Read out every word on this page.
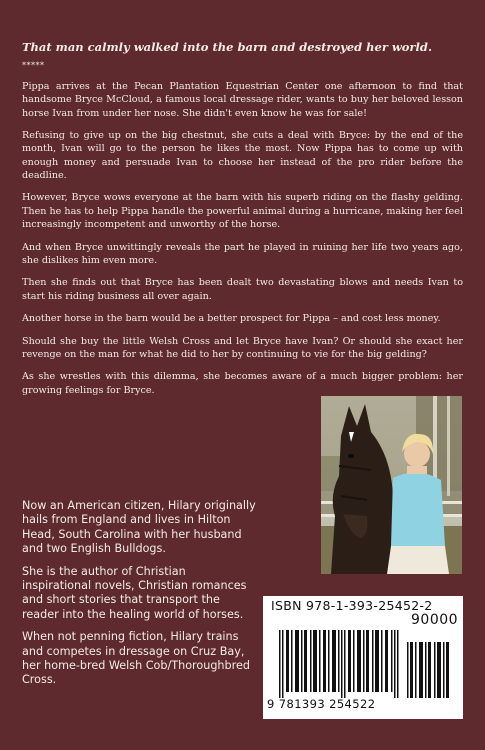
That man calmly walked into the barn and destroyed her world.

*****

Pippa arrives at the Pecan Plantation Equestrian Center one afternoon to find that handsome Bryce McCloud, a famous local dressage rider, wants to buy her beloved lesson horse Ivan from under her nose. She didn't even know he was for sale!

Refusing to give up on the big chestnut, she cuts a deal with Bryce: by the end of the month, Ivan will go to the person he likes the most. Now Pippa has to come up with enough money and persuade Ivan to choose her instead of the pro rider before the deadline.

However, Bryce wows everyone at the barn with his superb riding on the flashy gelding. Then he has to help Pippa handle the powerful animal during a hurricane, making her feel increasingly incompetent and unworthy of the horse.

And when Bryce unwittingly reveals the part he played in ruining her life two years ago, she dislikes him even more.

Then she finds out that Bryce has been dealt two devastating blows and needs Ivan to start his riding business all over again.

Another horse in the barn would be a better prospect for Pippa – and cost less money.

Should she buy the little Welsh Cross and let Bryce have Ivan? Or should she exact her revenge on the man for what he did to her by continuing to vie for the big gelding?

As she wrestles with this dilemma, she becomes aware of a much bigger problem: her growing feelings for Bryce.

Now an American citizen, Hilary originally hails from England and lives in Hilton Head, South Carolina with her husband and two English Bulldogs.

She is the author of Christian inspirational novels, Christian romances and short stories that transport the reader into the healing world of horses.

When not penning fiction, Hilary trains and competes in dressage on Cruz Bay, her home-bred Welsh Cob/Thoroughbred Cross.

ISBN 978-1-393-25452-2
90000
9 781393 254522
